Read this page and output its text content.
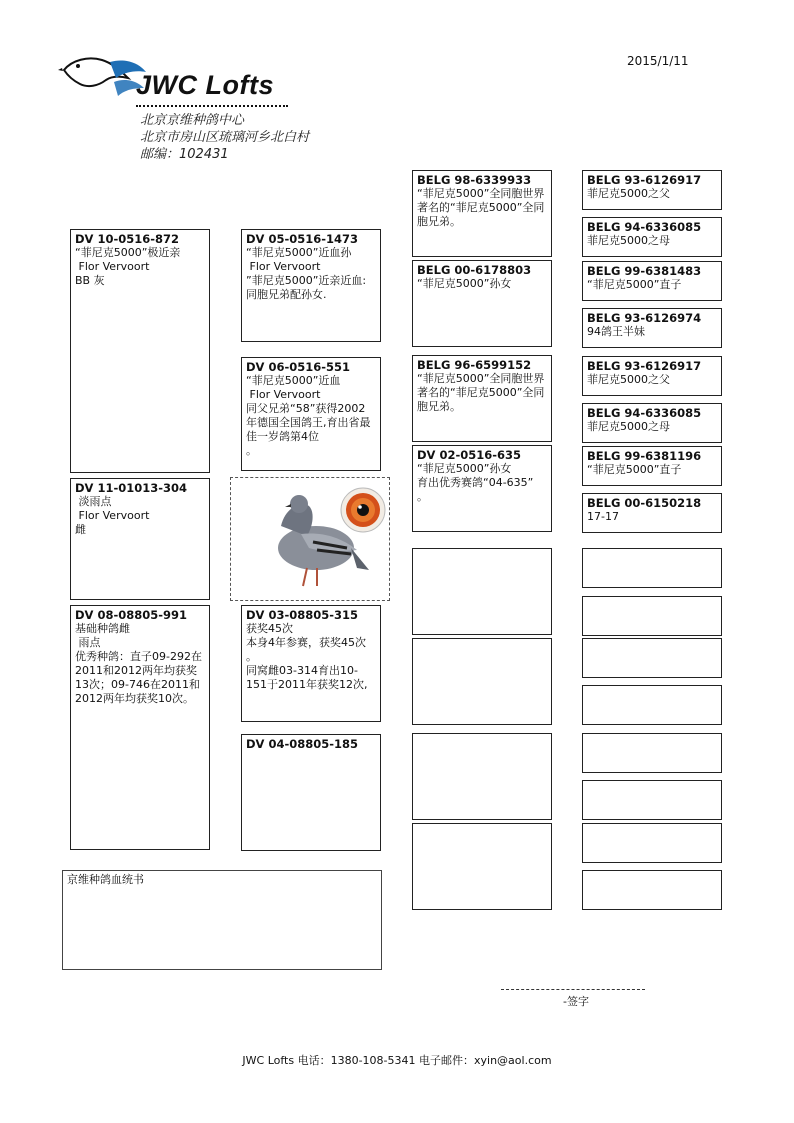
2015/1/11
JWC Lofts
北京京维种鸽中心
北京市房山区琉璃河乡北白村
邮编：102431
DV 10-0516-872
“菲尼克5000”极近亲
Flor Vervoort
BB 灰
DV 11-01013-304
淡雨点
Flor Vervoort
雌
DV 08-08805-991
基础种鸽雌
雨点
优秀种鸽：直子09-292在2011和2012两年均获奖13次；09-746在2011和2012两年均获奖10次。
DV 05-0516-1473
“菲尼克5000”近血孙
Flor Vervoort
”菲尼克5000”近亲近血:同胞兄弟配孙女.
DV 06-0516-551
“菲尼克5000”近血
Flor Vervoort
同父兄弟“58”获得2002年德国全国鸽王,育出省最佳一岁鸽第4位
。
DV 03-08805-315
获奖45次
本身4年参赛，获奖45次
。
同窝雌03-314育出10-151于2011年获奖12次,
DV 04-08805-185
BELG 98-6339933
“菲尼克5000”全同胞世界著名的“菲尼克5000”全同胞兄弟。
BELG 00-6178803
“菲尼克5000”孙女
BELG 96-6599152
“菲尼克5000”全同胞世界著名的“菲尼克5000”全同胞兄弟。
DV 02-0516-635
“菲尼克5000”孙女
育出优秀赛鸽“04-635”
。
BELG 93-6126917
菲尼克5000之父
BELG 94-6336085
菲尼克5000之母
BELG 99-6381483
“菲尼克5000”直子
BELG 93-6126974
94鸽王半妹
BELG 93-6126917
菲尼克5000之父
BELG 94-6336085
菲尼克5000之母
BELG 99-6381196
“菲尼克5000”直子
BELG 00-6150218
17-17
京维种鸽血统书
-签字
JWC Lofts 电话：1380-108-5341 电子邮件：xyin@aol.com
